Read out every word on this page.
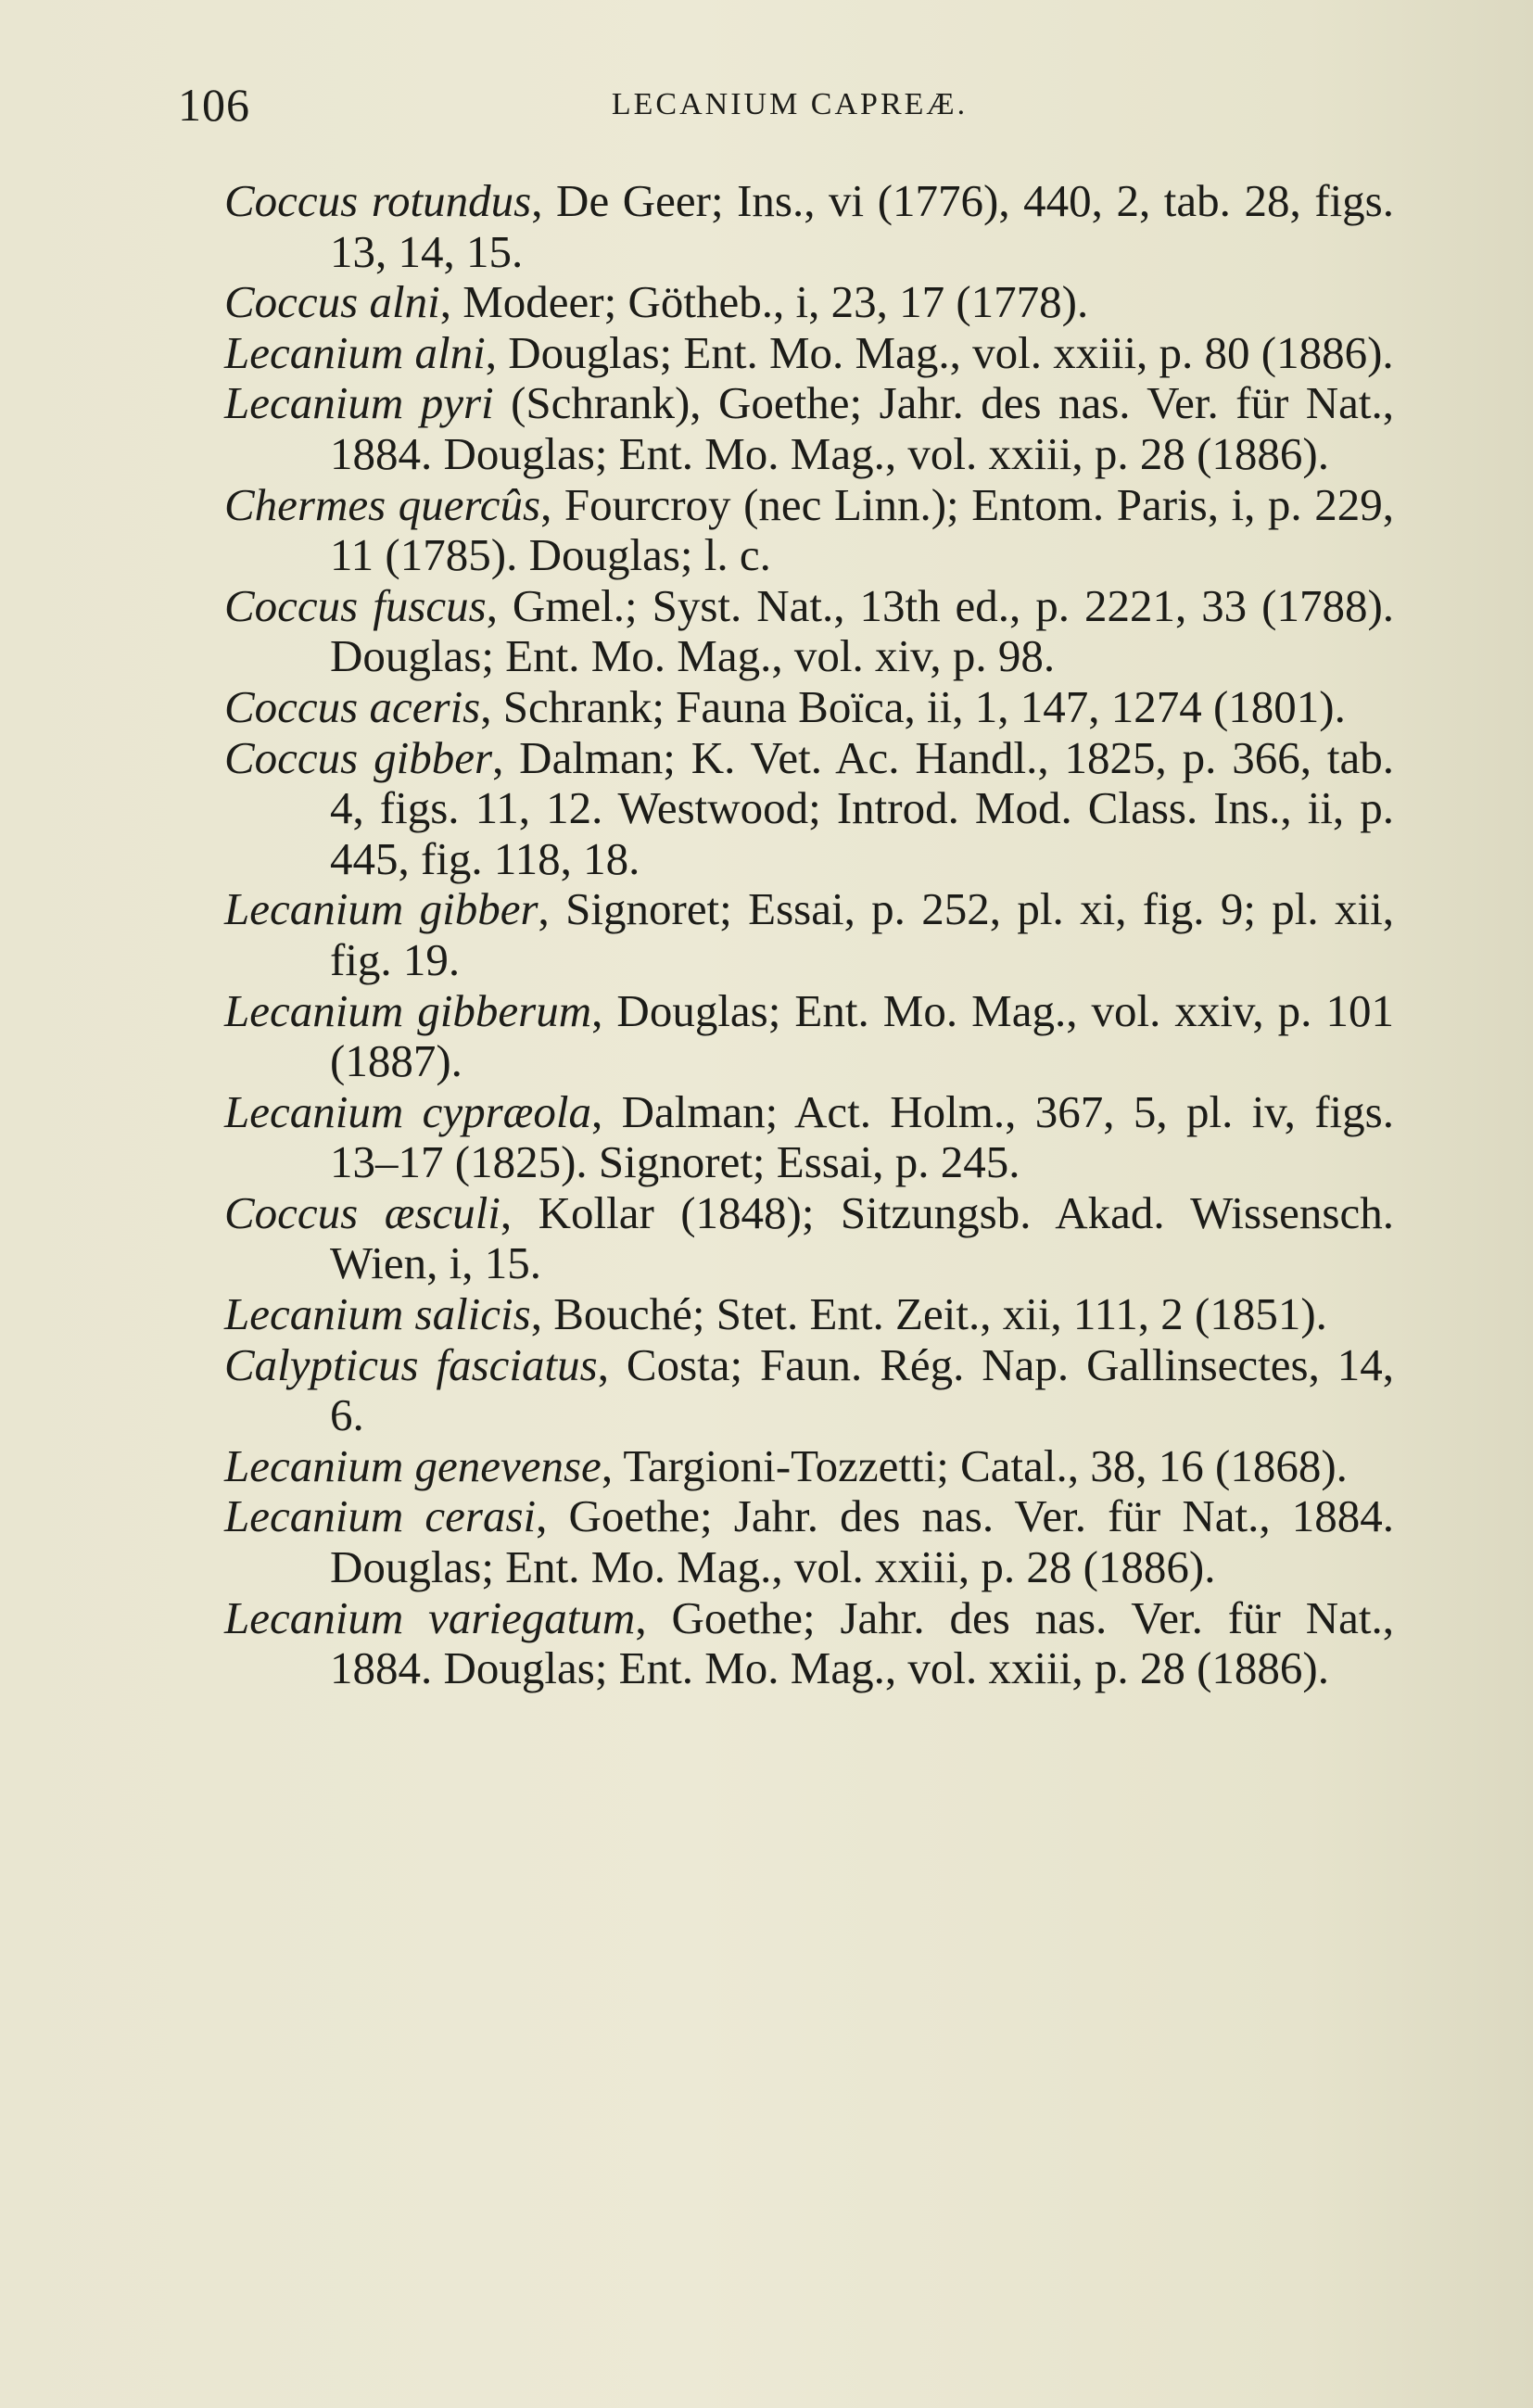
106	LECANIUM CAPREÆ.

Coccus rotundus, De Geer; Ins., vi (1776), 440, 2, tab. 28, figs. 13, 14, 15.

Coccus alni, Modeer; Götheb., i, 23, 17 (1778).

Lecanium alni, Douglas; Ent. Mo. Mag., vol. xxiii, p. 80 (1886).

Lecanium pyri (Schrank), Goethe; Jahr. des nas. Ver. für Nat., 1884. Douglas; Ent. Mo. Mag., vol. xxiii, p. 28 (1886).

Chermes quercûs, Fourcroy (nec Linn.); Entom. Paris, i, p. 229, 11 (1785). Douglas; l. c.

Coccus fuscus, Gmel.; Syst. Nat., 13th ed., p. 2221, 33 (1788). Douglas; Ent. Mo. Mag., vol. xiv, p. 98.

Coccus aceris, Schrank; Fauna Boïca, ii, 1, 147, 1274 (1801).

Coccus gibber, Dalman; K. Vet. Ac. Handl., 1825, p. 366, tab. 4, figs. 11, 12. Westwood; Introd. Mod. Class. Ins., ii, p. 445, fig. 118, 18.

Lecanium gibber, Signoret; Essai, p. 252, pl. xi, fig. 9; pl. xii, fig. 19.

Lecanium gibberum, Douglas; Ent. Mo. Mag., vol. xxiv, p. 101 (1887).

Lecanium cypræola, Dalman; Act. Holm., 367, 5, pl. iv, figs. 13–17 (1825). Signoret; Essai, p. 245.

Coccus æsculi, Kollar (1848); Sitzungsb. Akad. Wissensch. Wien, i, 15.

Lecanium salicis, Bouché; Stet. Ent. Zeit., xii, 111, 2 (1851).

Calypticus fasciatus, Costa; Faun. Rég. Nap. Gallinsectes, 14, 6.

Lecanium genevense, Targioni-Tozzetti; Catal., 38, 16 (1868).

Lecanium cerasi, Goethe; Jahr. des nas. Ver. für Nat., 1884. Douglas; Ent. Mo. Mag., vol. xxiii, p. 28 (1886).

Lecanium variegatum, Goethe; Jahr. des nas. Ver. für Nat., 1884. Douglas; Ent. Mo. Mag., vol. xxiii, p. 28 (1886).
